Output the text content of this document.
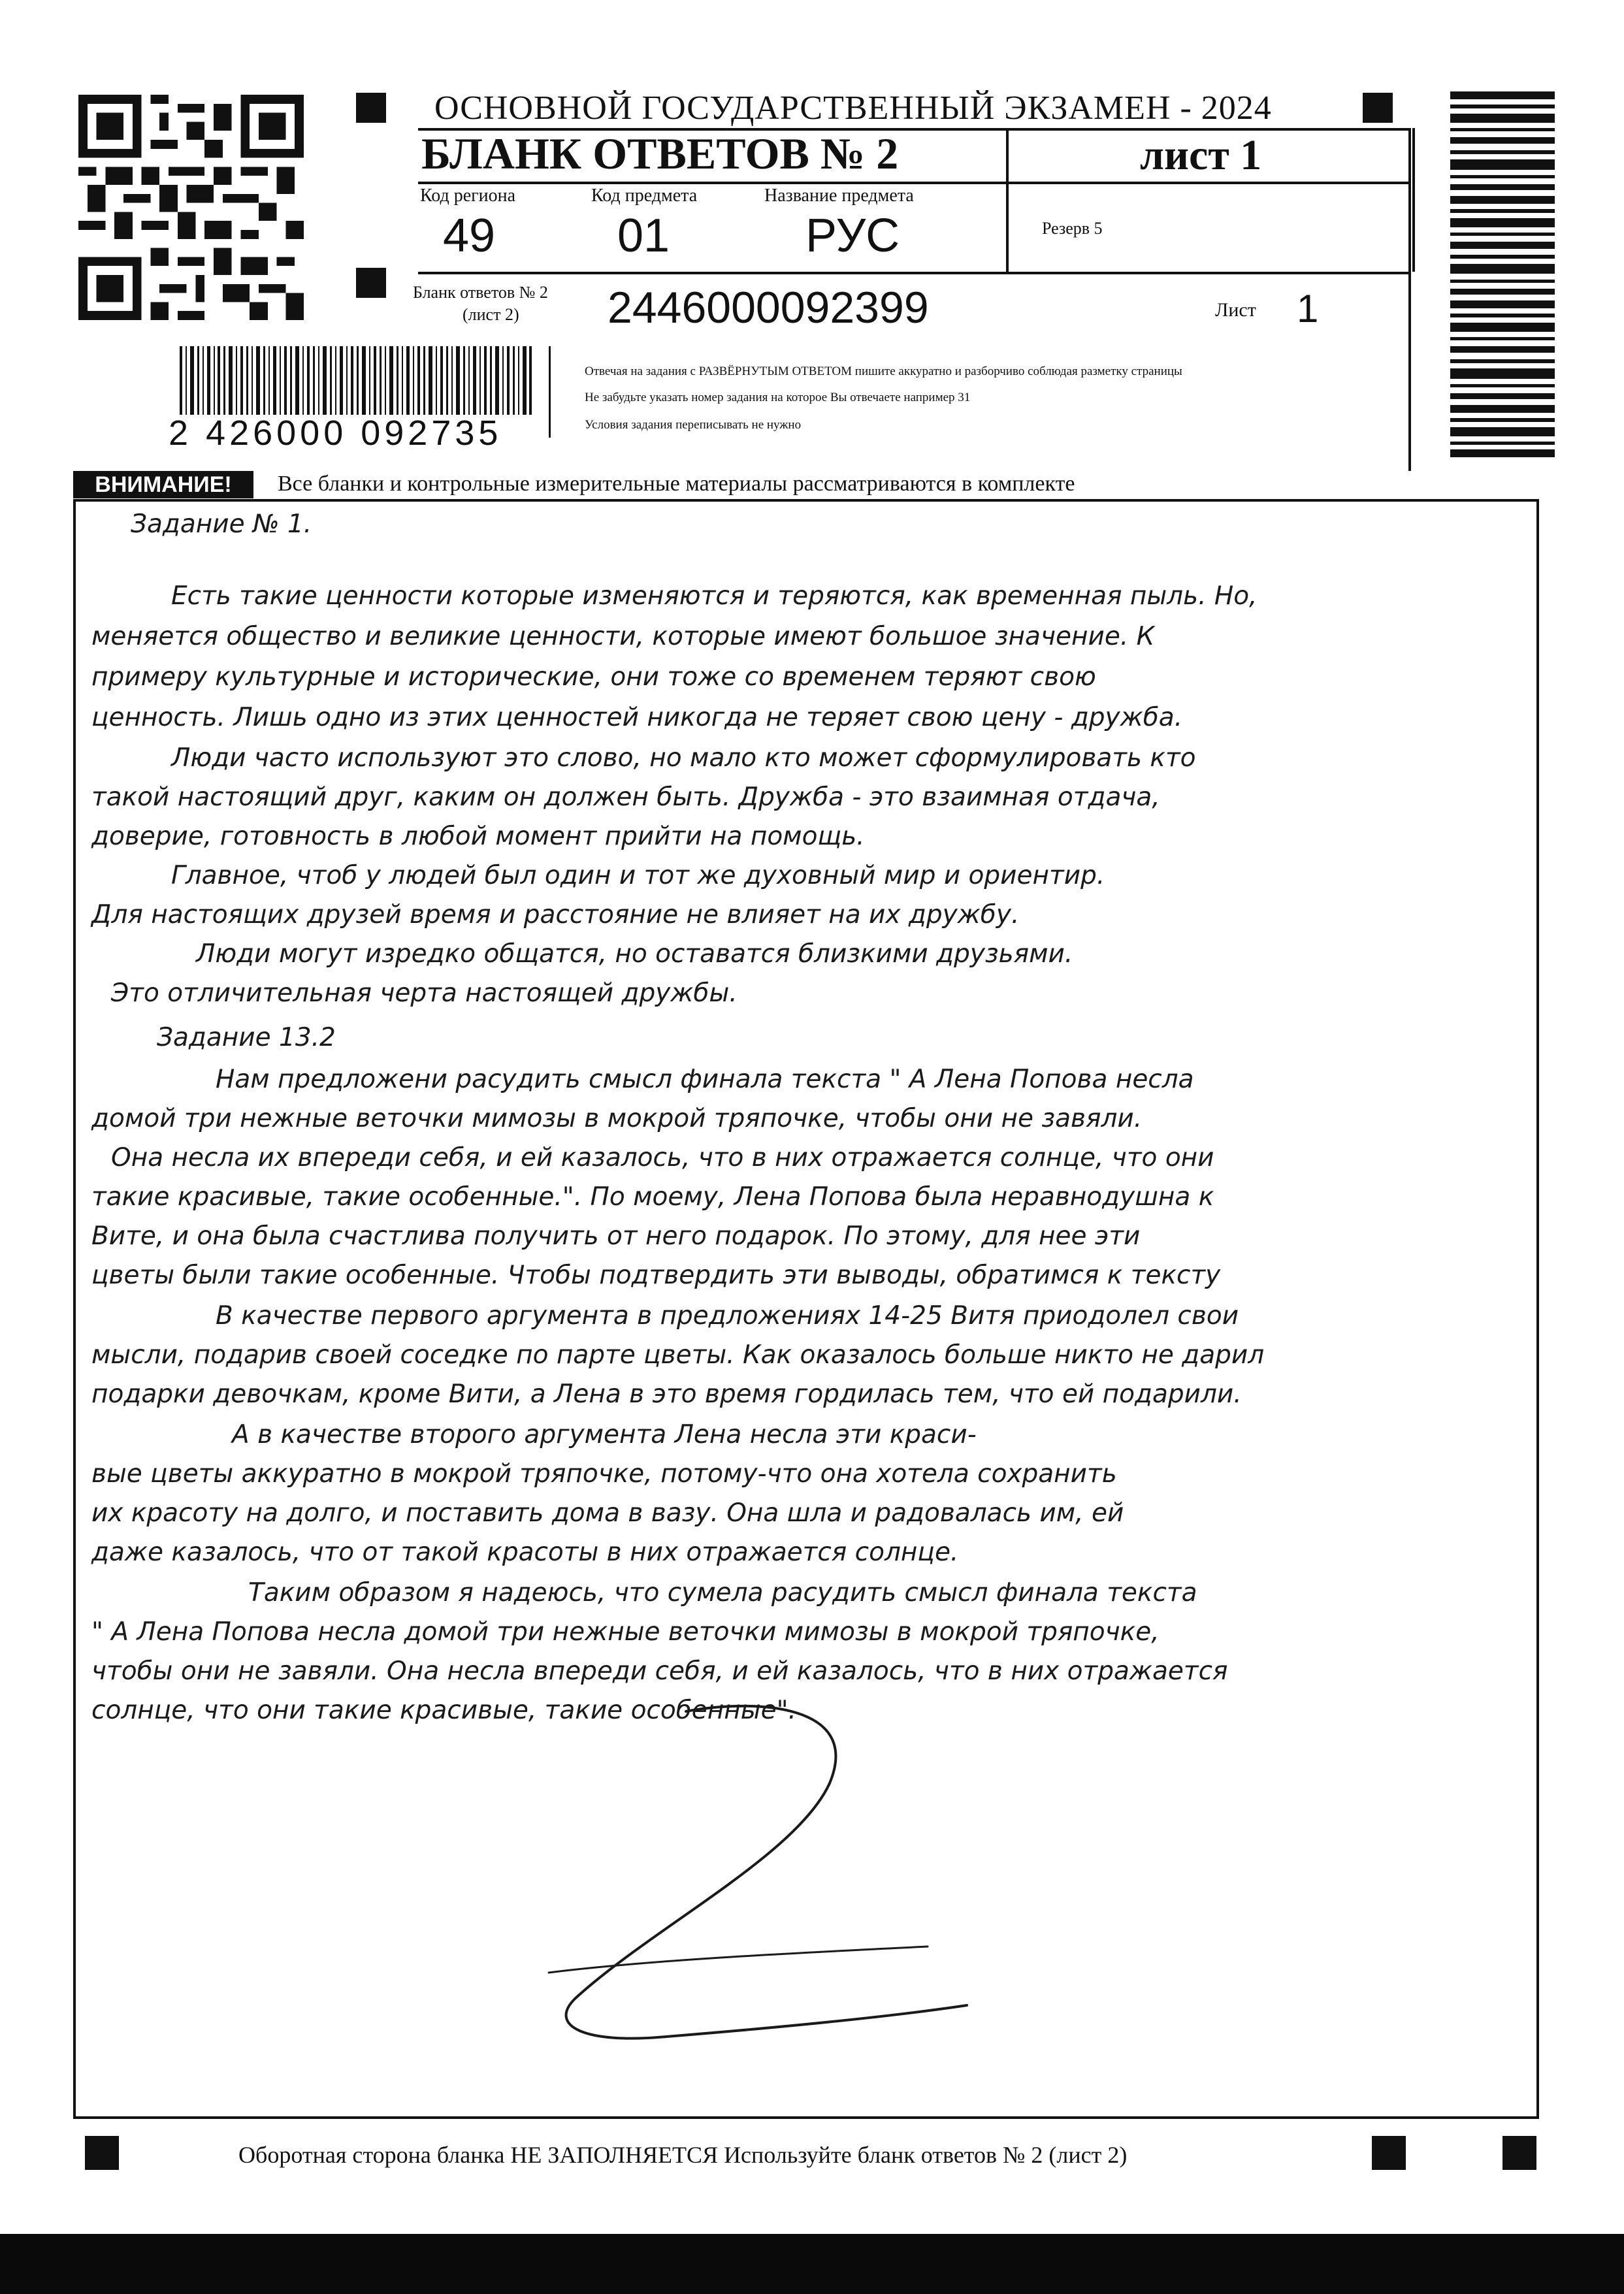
ОСНОВНОЙ ГОСУДАРСТВЕННЫЙ ЭКЗАМЕН - 2024
БЛАНК ОТВЕТОВ № 2	лист 1
Код региона
49
Код предмета
01
Название предмета
РУС	Резерв 5
Бланк ответов № 2
(лист 2) 2446000092399	Лист 1
Отвечая на задания с РАЗВЁРНУТЫМ ОТВЕТОМ пишите аккуратно и разборчиво соблюдая разметку страницы
Не забудьте указать номер задания на которое Вы отвечаете например 31
Условия задания переписывать не нужно
2 426000 092735
ВНИМАНИЕ!	Все бланки и контрольные измерительные материалы рассматриваются в комплекте
Задание № 1.
Есть такие ценности которые изменяются и теряются, как временная пыль. Но,
меняется общество и великие ценности, которые имеют большое значение. К
примеру культурные и исторические, они тоже со временем теряют свою
ценность. Лишь одно из этих ценностей никогда не теряет свою цену - дружба.
Люди часто используют это слово, но мало кто может сформулировать кто
такой настоящий друг, каким он должен быть. Дружба - это взаимная отдача,
доверие, готовность в любой момент прийти на помощь.
Главное, чтоб у людей был один и тот же духовный мир и ориентир.
Для настоящих друзей время и расстояние не влияет на их дружбу.
Люди могут изредко общатся, но оставатся близкими друзьями.
Это отличительная черта настоящей дружбы.
Задание 13.2
Нам предложени расудить смысл финала текста " А Лена Попова несла
домой три нежные веточки мимозы в мокрой тряпочке, чтобы они не завяли.
Она несла их впереди себя, и ей казалось, что в них отражается солнце, что они
такие красивые, такие особенные.". По моему, Лена Попова была неравнодушна к
Вите, и она была счастлива получить от него подарок. По этому, для нее эти
цветы были такие особенные. Чтобы подтвердить эти выводы, обратимся к тексту
В качестве первого аргумента в предложениях 14-25 Витя приодолел свои
мысли, подарив своей соседке по парте цветы. Как оказалось больше никто не дарил
подарки девочкам, кроме Вити, а Лена в это время гордилась тем, что ей подарили.
А в качестве второго аргумента Лена несла эти краси-
вые цветы аккуратно в мокрой тряпочке, потому-что она хотела сохранить
их красоту на долго, и поставить дома в вазу. Она шла и радовалась им, ей
даже казалось, что от такой красоты в них отражается солнце.
Таким образом я надеюсь, что сумела расудить смысл финала текста
" А Лена Попова несла домой три нежные веточки мимозы в мокрой тряпочке,
чтобы они не завяли. Она несла впереди себя, и ей казалось, что в них отражается
солнце, что они такие красивые, такие особенные".
Оборотная сторона бланка НЕ ЗАПОЛНЯЕТСЯ Используйте бланк ответов № 2 (лист 2)
